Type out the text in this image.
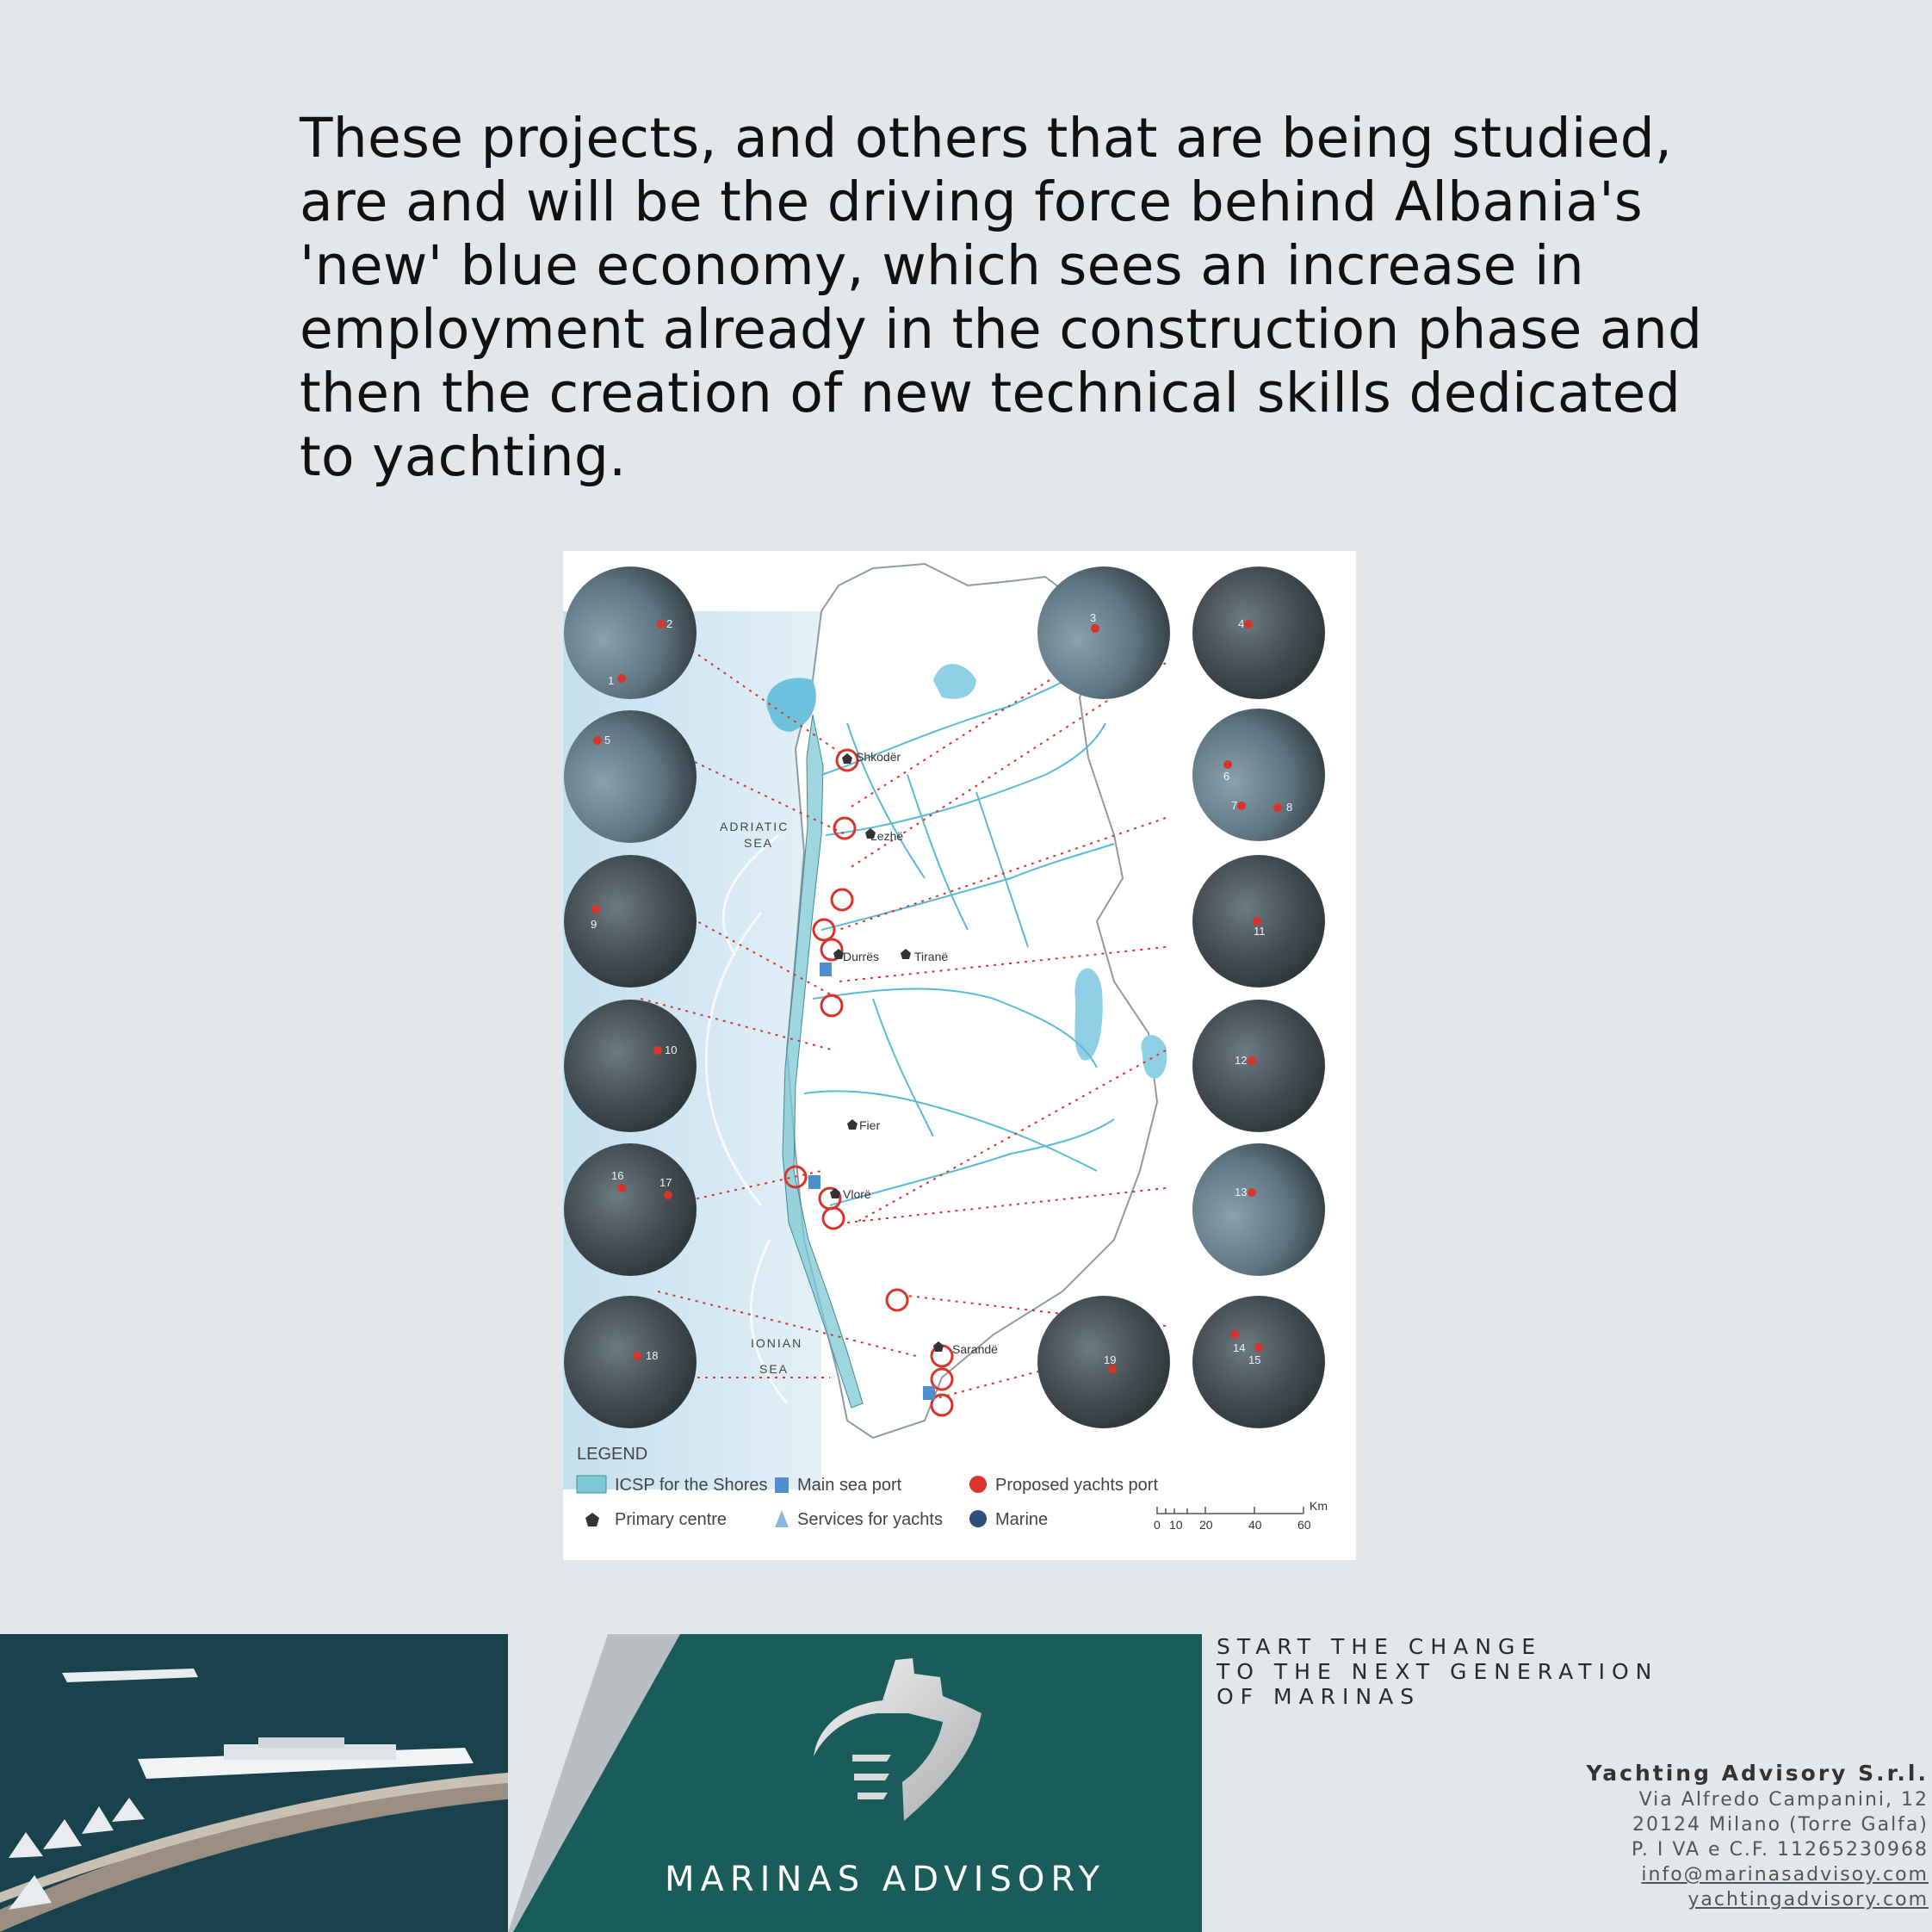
These projects, and others that are being studied,
are and will be the driving force behind Albania's
'new' blue economy, which sees an increase in
employment already in the construction phase and
then the creation of new technical skills dedicated
to yachting.
Shkodër
Lezhë
Durrës	Tiranë
Fier
Vlorë
Sarandë
ADRIATIC
SEA
IONIAN
SEA
1
2	3	4
5
6
7	8
9
10
11
12
13
14
15
16
17
18	19
LEGEND
ICSP for the Shores Main sea port	Proposed yachts port
Primary centre	Services for yachts	Marine
Km
0 10 20	40	60
MARINAS ADVISORY
START THE CHANGE
TO THE NEXT GENERATION
OF MARINAS
Yachting Advisory S.r.l.
Via Alfredo Campanini, 12
20124 Milano (Torre Galfa)
P. I VA e C.F. 11265230968
info@marinasadvisoy.com
yachtingadvisory.com
